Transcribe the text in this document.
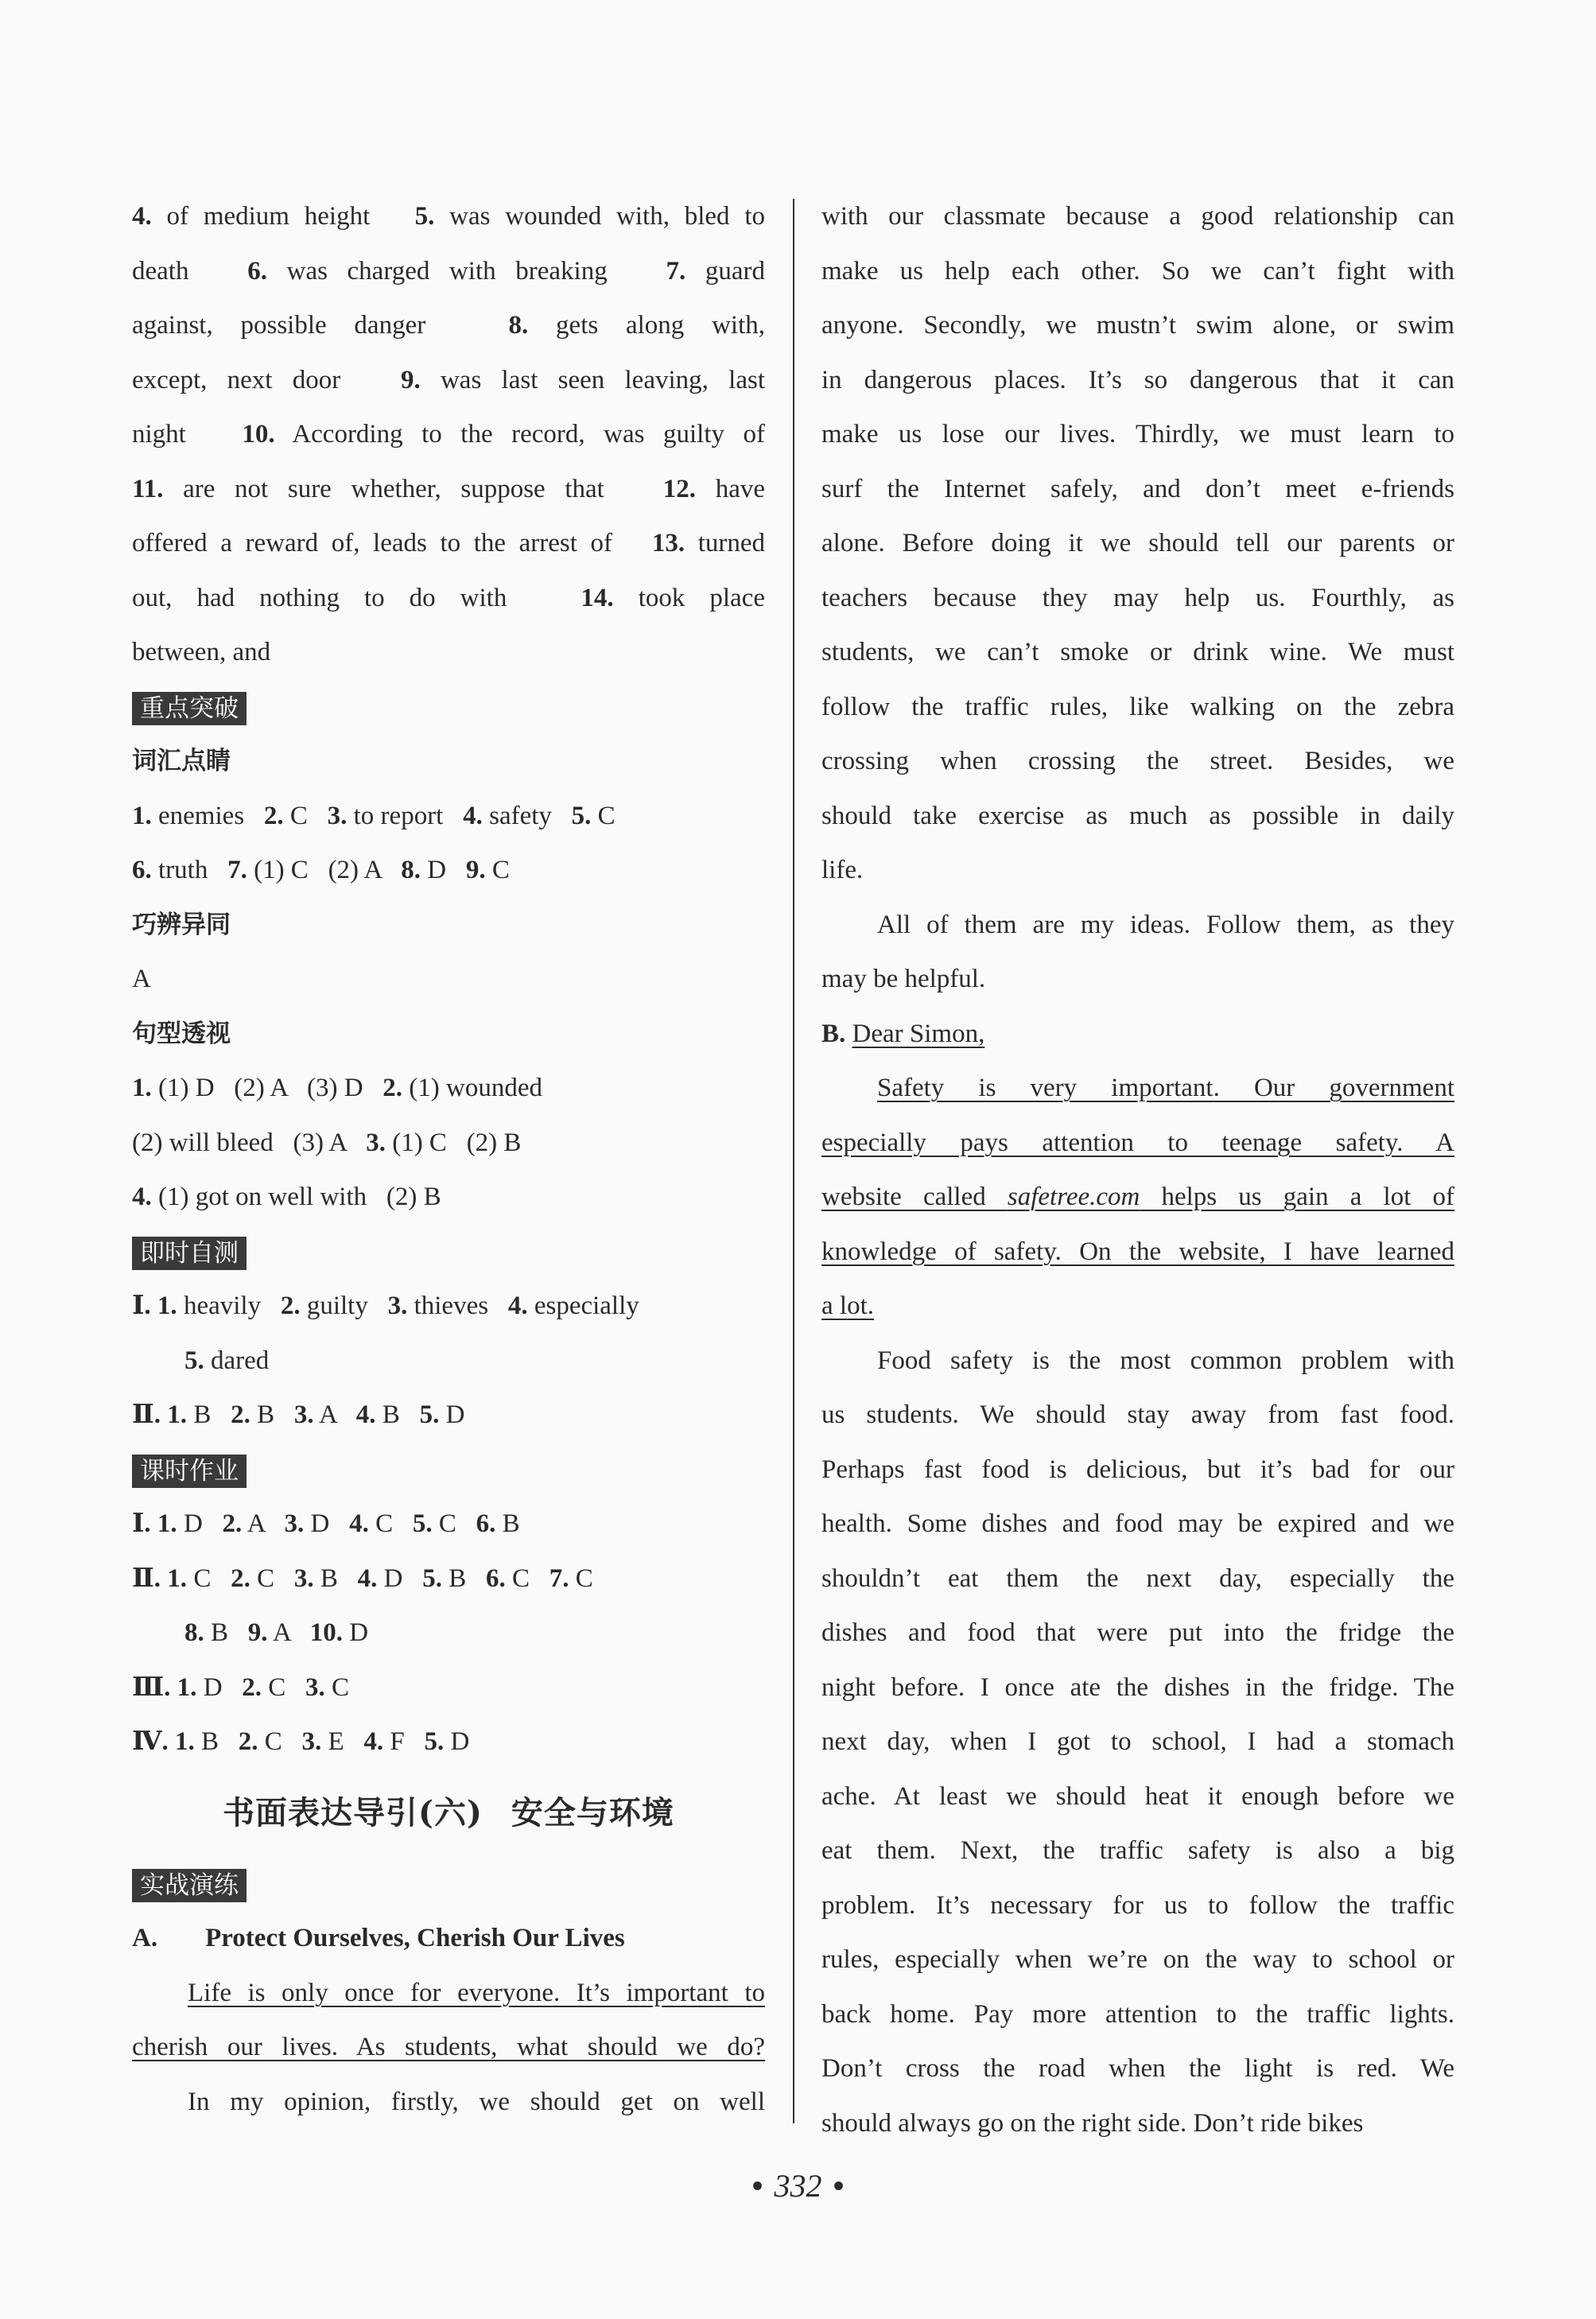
4. of medium height   5. was wounded with, bled to
death   6. was charged with breaking   7. guard
against, possible danger   8. gets along with,
except, next door   9. was last seen leaving, last
night   10. According to the record, was guilty of
11. are not sure whether, suppose that   12. have
offered a reward of, leads to the arrest of   13. turned
out, had nothing to do with   14. took place
between, and
重点突破
词汇点睛
1. enemies   2. C   3. to report   4. safety   5. C
6. truth   7. (1) C   (2) A   8. D   9. C
巧辨异同
A
句型透视
1. (1) D   (2) A   (3) D   2. (1) wounded
(2) will bleed   (3) A   3. (1) C   (2) B
4. (1) got on well with   (2) B
即时自测
Ⅰ. 1. heavily   2. guilty   3. thieves   4. especially
5. dared
Ⅱ. 1. B   2. B   3. A   4. B   5. D
课时作业
Ⅰ. 1. D   2. A   3. D   4. C   5. C   6. B
Ⅱ. 1. C   2. C   3. B   4. D   5. B   6. C   7. C
8. B   9. A   10. D
Ⅲ. 1. D   2. C   3. C
Ⅳ. 1. B   2. C   3. E   4. F   5. D
书面表达导引(六) 安全与环境
实战演练
A. Protect Ourselves, Cherish Our Lives
Life is only once for everyone. It’s important to
cherish our lives. As students, what should we do?
In my opinion, firstly, we should get on well
with our classmate because a good relationship can
make us help each other. So we can’t fight with
anyone. Secondly, we mustn’t swim alone, or swim
in dangerous places. It’s so dangerous that it can
make us lose our lives. Thirdly, we must learn to
surf the Internet safely, and don’t meet e-friends
alone. Before doing it we should tell our parents or
teachers because they may help us. Fourthly, as
students, we can’t smoke or drink wine. We must
follow the traffic rules, like walking on the zebra
crossing when crossing the street. Besides, we
should take exercise as much as possible in daily
life.
All of them are my ideas. Follow them, as they
may be helpful.
B. Dear Simon,
Safety is very important. Our government
especially pays attention to teenage safety. A
website called safetree.com helps us gain a lot of
knowledge of safety. On the website, I have learned
a lot.
Food safety is the most common problem with
us students. We should stay away from fast food.
Perhaps fast food is delicious, but it’s bad for our
health. Some dishes and food may be expired and we
shouldn’t eat them the next day, especially the
dishes and food that were put into the fridge the
night before. I once ate the dishes in the fridge. The
next day, when I got to school, I had a stomach
ache. At least we should heat it enough before we
eat them. Next, the traffic safety is also a big
problem. It’s necessary for us to follow the traffic
rules, especially when we’re on the way to school or
back home. Pay more attention to the traffic lights.
Don’t cross the road when the light is red. We
should always go on the right side. Don’t ride bikes
• 332 •
